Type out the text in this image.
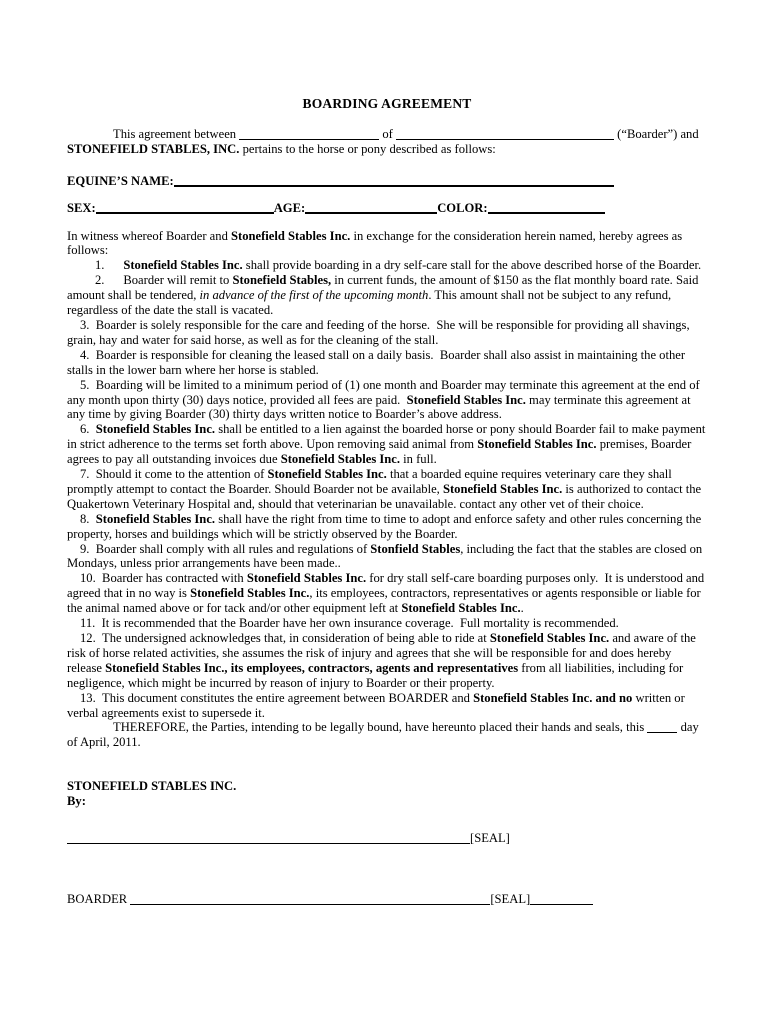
BOARDING AGREEMENT

This agreement between	of	(“Boarder”) and STONEFIELD STABLES, INC. pertains to the horse or pony described as follows:

EQUINE’S NAME:

SEX:	AGE:	COLOR:

In witness whereof Boarder and Stonefield Stables Inc. in exchange for the consideration herein named, hereby agrees as follows:

1.      Stonefield Stables Inc. shall provide boarding in a dry self-care stall for the above described horse of the Boarder.

2.      Boarder will remit to Stonefield Stables, in current funds, the amount of $150 as the flat monthly board rate. Said amount shall be tendered, in advance of the first of the upcoming month. This amount shall not be subject to any refund, regardless of the date the stall is vacated.

3.  Boarder is solely responsible for the care and feeding of the horse.  She will be responsible for providing all shavings, grain, hay and water for said horse, as well as for the cleaning of the stall.

4.  Boarder is responsible for cleaning the leased stall on a daily basis.  Boarder shall also assist in maintaining the other stalls in the lower barn where her horse is stabled.

5.  Boarding will be limited to a minimum period of (1) one month and Boarder may terminate this agreement at the end of any month upon thirty (30) days notice, provided all fees are paid.  Stonefield Stables Inc. may terminate this agreement at any time by giving Boarder (30) thirty days written notice to Boarder’s above address.

6.  Stonefield Stables Inc. shall be entitled to a lien against the boarded horse or pony should Boarder fail to make payment in strict adherence to the terms set forth above. Upon removing said animal from Stonefield Stables Inc. premises, Boarder agrees to pay all outstanding invoices due Stonefield Stables Inc. in full.

7.  Should it come to the attention of Stonefield Stables Inc. that a boarded equine requires veterinary care they shall promptly attempt to contact the Boarder. Should Boarder not be available, Stonefield Stables Inc. is authorized to contact the Quakertown Veterinary Hospital and, should that veterinarian be unavailable. contact any other vet of their choice.

8.  Stonefield Stables Inc. shall have the right from time to time to adopt and enforce safety and other rules concerning the property, horses and buildings which will be strictly observed by the Boarder.

9.  Boarder shall comply with all rules and regulations of Stonfield Stables, including the fact that the stables are closed on Mondays, unless prior arrangements have been made..

10.  Boarder has contracted with Stonefield Stables Inc. for dry stall self-care boarding purposes only.  It is understood and agreed that in no way is Stonefield Stables Inc., its employees, contractors, representatives or agents responsible or liable for the animal named above or for tack and/or other equipment left at Stonefield Stables Inc..

11.  It is recommended that the Boarder have her own insurance coverage.  Full mortality is recommended.

12.  The undersigned acknowledges that, in consideration of being able to ride at Stonefield Stables Inc. and aware of the risk of horse related activities, she assumes the risk of injury and agrees that she will be responsible for and does hereby release Stonefield Stables Inc., its employees, contractors, agents and representatives from all liabilities, including for negligence, which might be incurred by reason of injury to Boarder or their property.

13.  This document constitutes the entire agreement between BOARDER and Stonefield Stables Inc. and no written or verbal agreements exist to supersede it.

THEREFORE, the Parties, intending to be legally bound, have hereunto placed their hands and seals, this  day of April, 2011.

STONEFIELD STABLES INC.

By:

[SEAL]

BOARDER	[SEAL]
